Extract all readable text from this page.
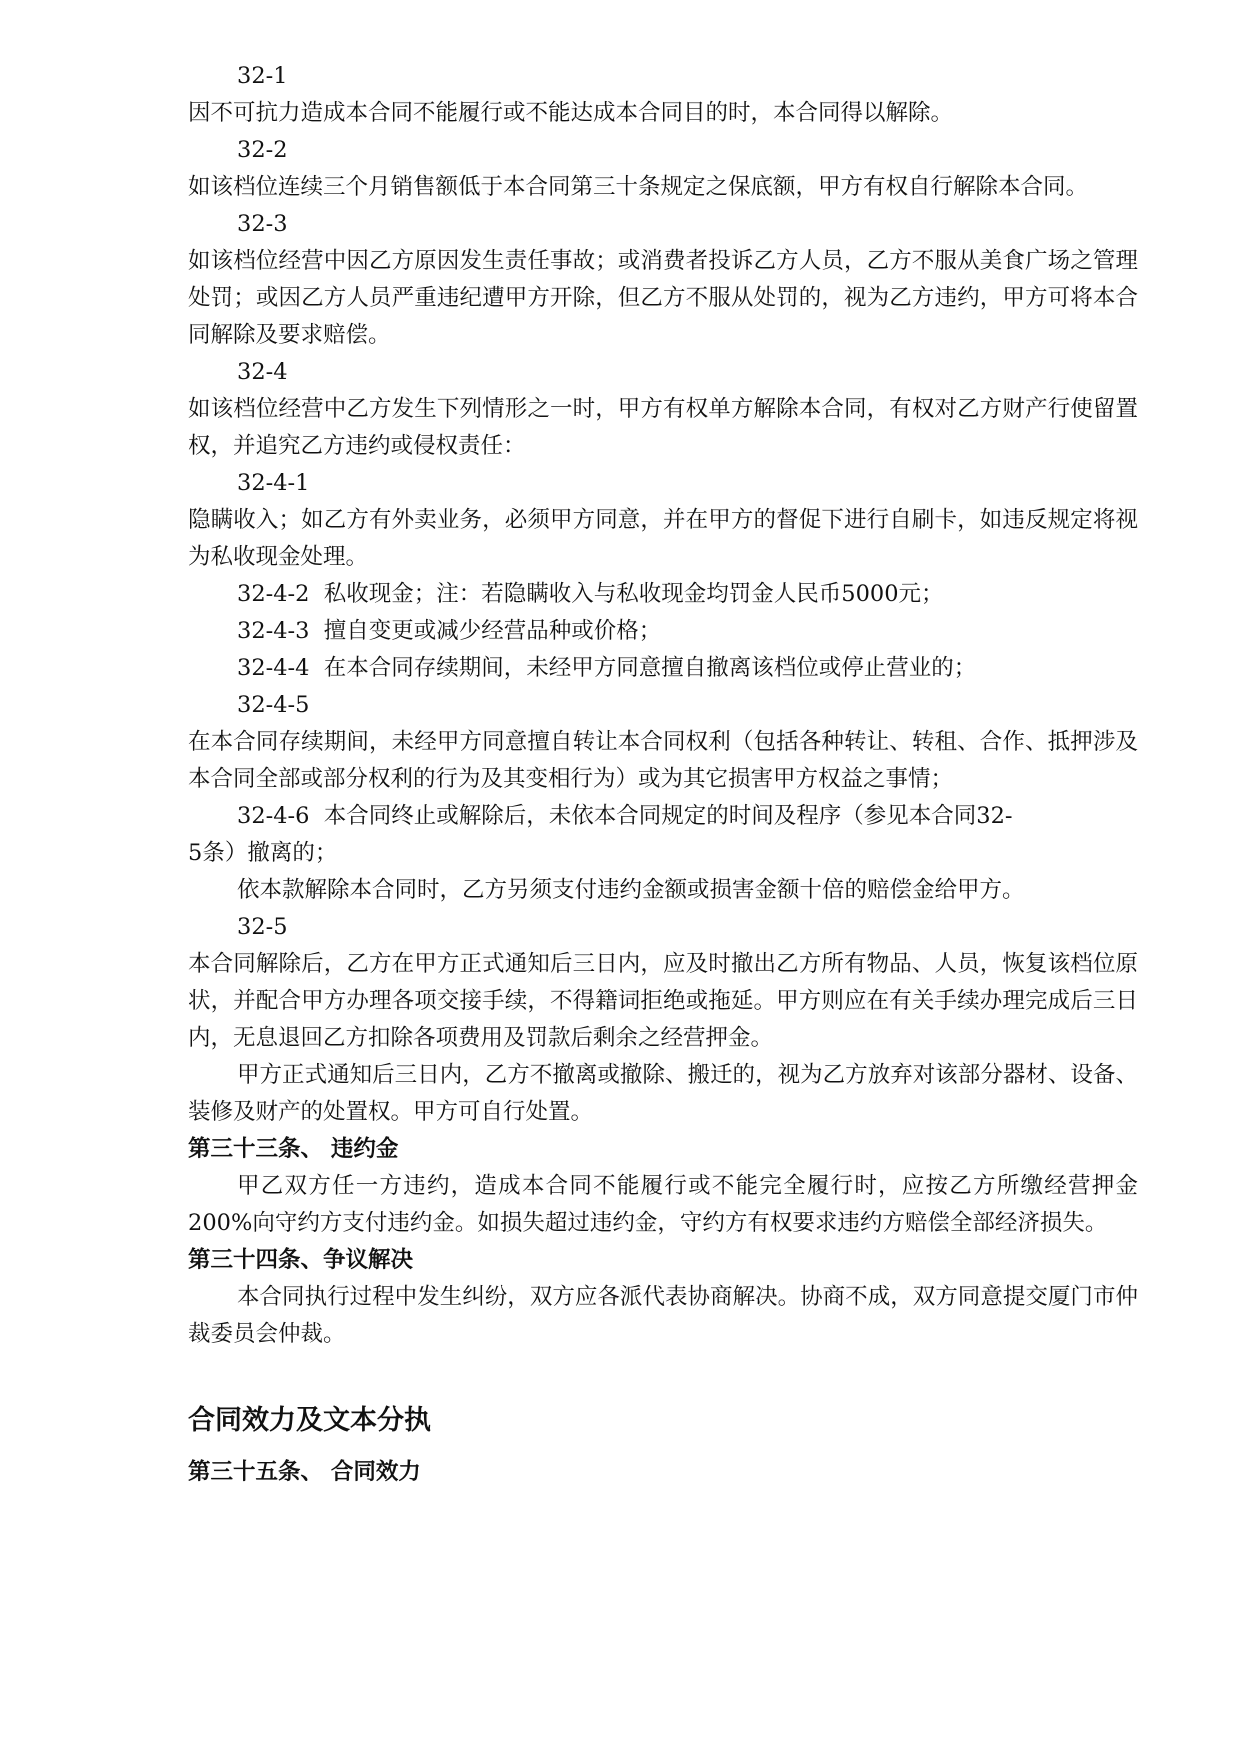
32-1
因不可抗力造成本合同不能履行或不能达成本合同目的时，本合同得以解除。
32-2
如该档位连续三个月销售额低于本合同第三十条规定之保底额，甲方有权自行解除本合同。
32-3
如该档位经营中因乙方原因发生责任事故；或消费者投诉乙方人员，乙方不服从美食广场之管理处罚；或因乙方人员严重违纪遭甲方开除，但乙方不服从处罚的，视为乙方违约，甲方可将本合同解除及要求赔偿。
32-4
如该档位经营中乙方发生下列情形之一时，甲方有权单方解除本合同，有权对乙方财产行使留置权，并追究乙方违约或侵权责任：
32-4-1
隐瞒收入；如乙方有外卖业务，必须甲方同意，并在甲方的督促下进行自刷卡，如违反规定将视为私收现金处理。
32-4-2 私收现金；注：若隐瞒收入与私收现金均罚金人民币5000元；
32-4-3 擅自变更或减少经营品种或价格；
32-4-4 在本合同存续期间，未经甲方同意擅自撤离该档位或停止营业的；
32-4-5
在本合同存续期间，未经甲方同意擅自转让本合同权利（包括各种转让、转租、合作、抵押涉及本合同全部或部分权利的行为及其变相行为）或为其它损害甲方权益之事情；
32-4-6 本合同终止或解除后，未依本合同规定的时间及程序（参见本合同32-
5条）撤离的；
依本款解除本合同时，乙方另须支付违约金额或损害金额十倍的赔偿金给甲方。
32-5
本合同解除后，乙方在甲方正式通知后三日内，应及时撤出乙方所有物品、人员，恢复该档位原状，并配合甲方办理各项交接手续，不得籍词拒绝或拖延。甲方则应在有关手续办理完成后三日内，无息退回乙方扣除各项费用及罚款后剩余之经营押金。
甲方正式通知后三日内，乙方不撤离或撤除、搬迁的，视为乙方放弃对该部分器材、设备、装修及财产的处置权。甲方可自行处置。
第三十三条、 违约金
甲乙双方任一方违约，造成本合同不能履行或不能完全履行时，应按乙方所缴经营押金200%向守约方支付违约金。如损失超过违约金，守约方有权要求违约方赔偿全部经济损失。
第三十四条、争议解决
本合同执行过程中发生纠纷，双方应各派代表协商解决。协商不成，双方同意提交厦门市仲裁委员会仲裁。
合同效力及文本分执
第三十五条、 合同效力
